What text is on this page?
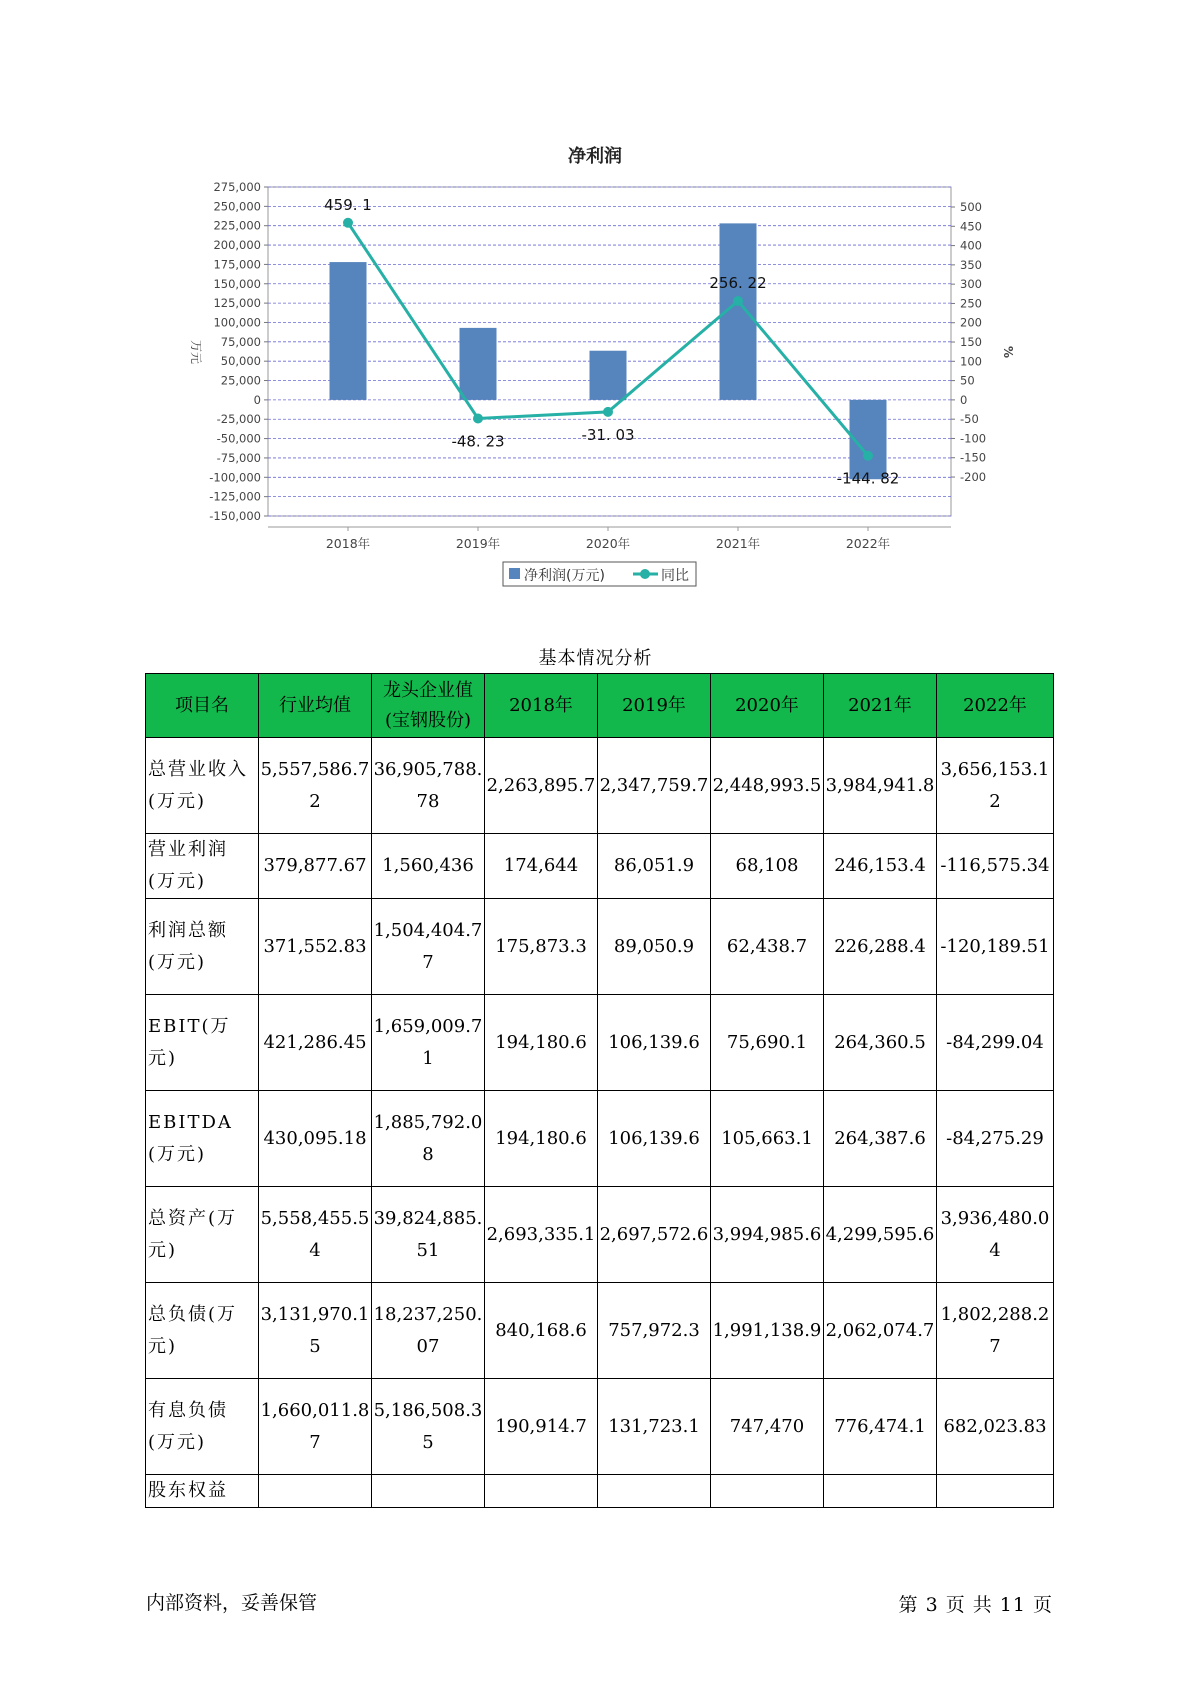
净利润
275,000
250,000
225,000
200,000
175,000
150,000
125,000
100,000
75,000
50,000
25,000
0
-25,000
-50,000
-75,000
-100,000
-125,000
-150,000
500
450
400
350
300
250
200
150
100
50
0
-50
-100
-150
-200
万元	%
2018年	2019年	2020年	2021年	2022年
459. 1
-48. 23	-31. 03
256. 22
-144. 82
净利润(万元)	同比
基本情况分析
项目名	行业均值	龙头企业值(宝钢股份)	2018年	2019年	2020年	2021年	2022年
总营业收入(万元)	5,557,586.72	36,905,788.78	2,263,895.7	2,347,759.7	2,448,993.5	3,984,941.8	3,656,153.12
营业利润(万元)	379,877.67	1,560,436	174,644	86,051.9	68,108	246,153.4	-116,575.34
利润总额(万元)	371,552.83	1,504,404.77	175,873.3	89,050.9	62,438.7	226,288.4	-120,189.51
EBIT(万元)	421,286.45	1,659,009.71	194,180.6	106,139.6	75,690.1	264,360.5	-84,299.04
EBITDA(万元)	430,095.18	1,885,792.08	194,180.6	106,139.6	105,663.1	264,387.6	-84,275.29
总资产(万元)	5,558,455.54	39,824,885.51	2,693,335.1	2,697,572.6	3,994,985.6	4,299,595.6	3,936,480.04
总负债(万元)	3,131,970.15	18,237,250.07	840,168.6	757,972.3	1,991,138.9	2,062,074.7	1,802,288.27
有息负债(万元)	1,660,011.87	5,186,508.35	190,914.7	131,723.1	747,470	776,474.1	682,023.83
股东权益							
内部资料，妥善保管	第 3 页 共 11 页
